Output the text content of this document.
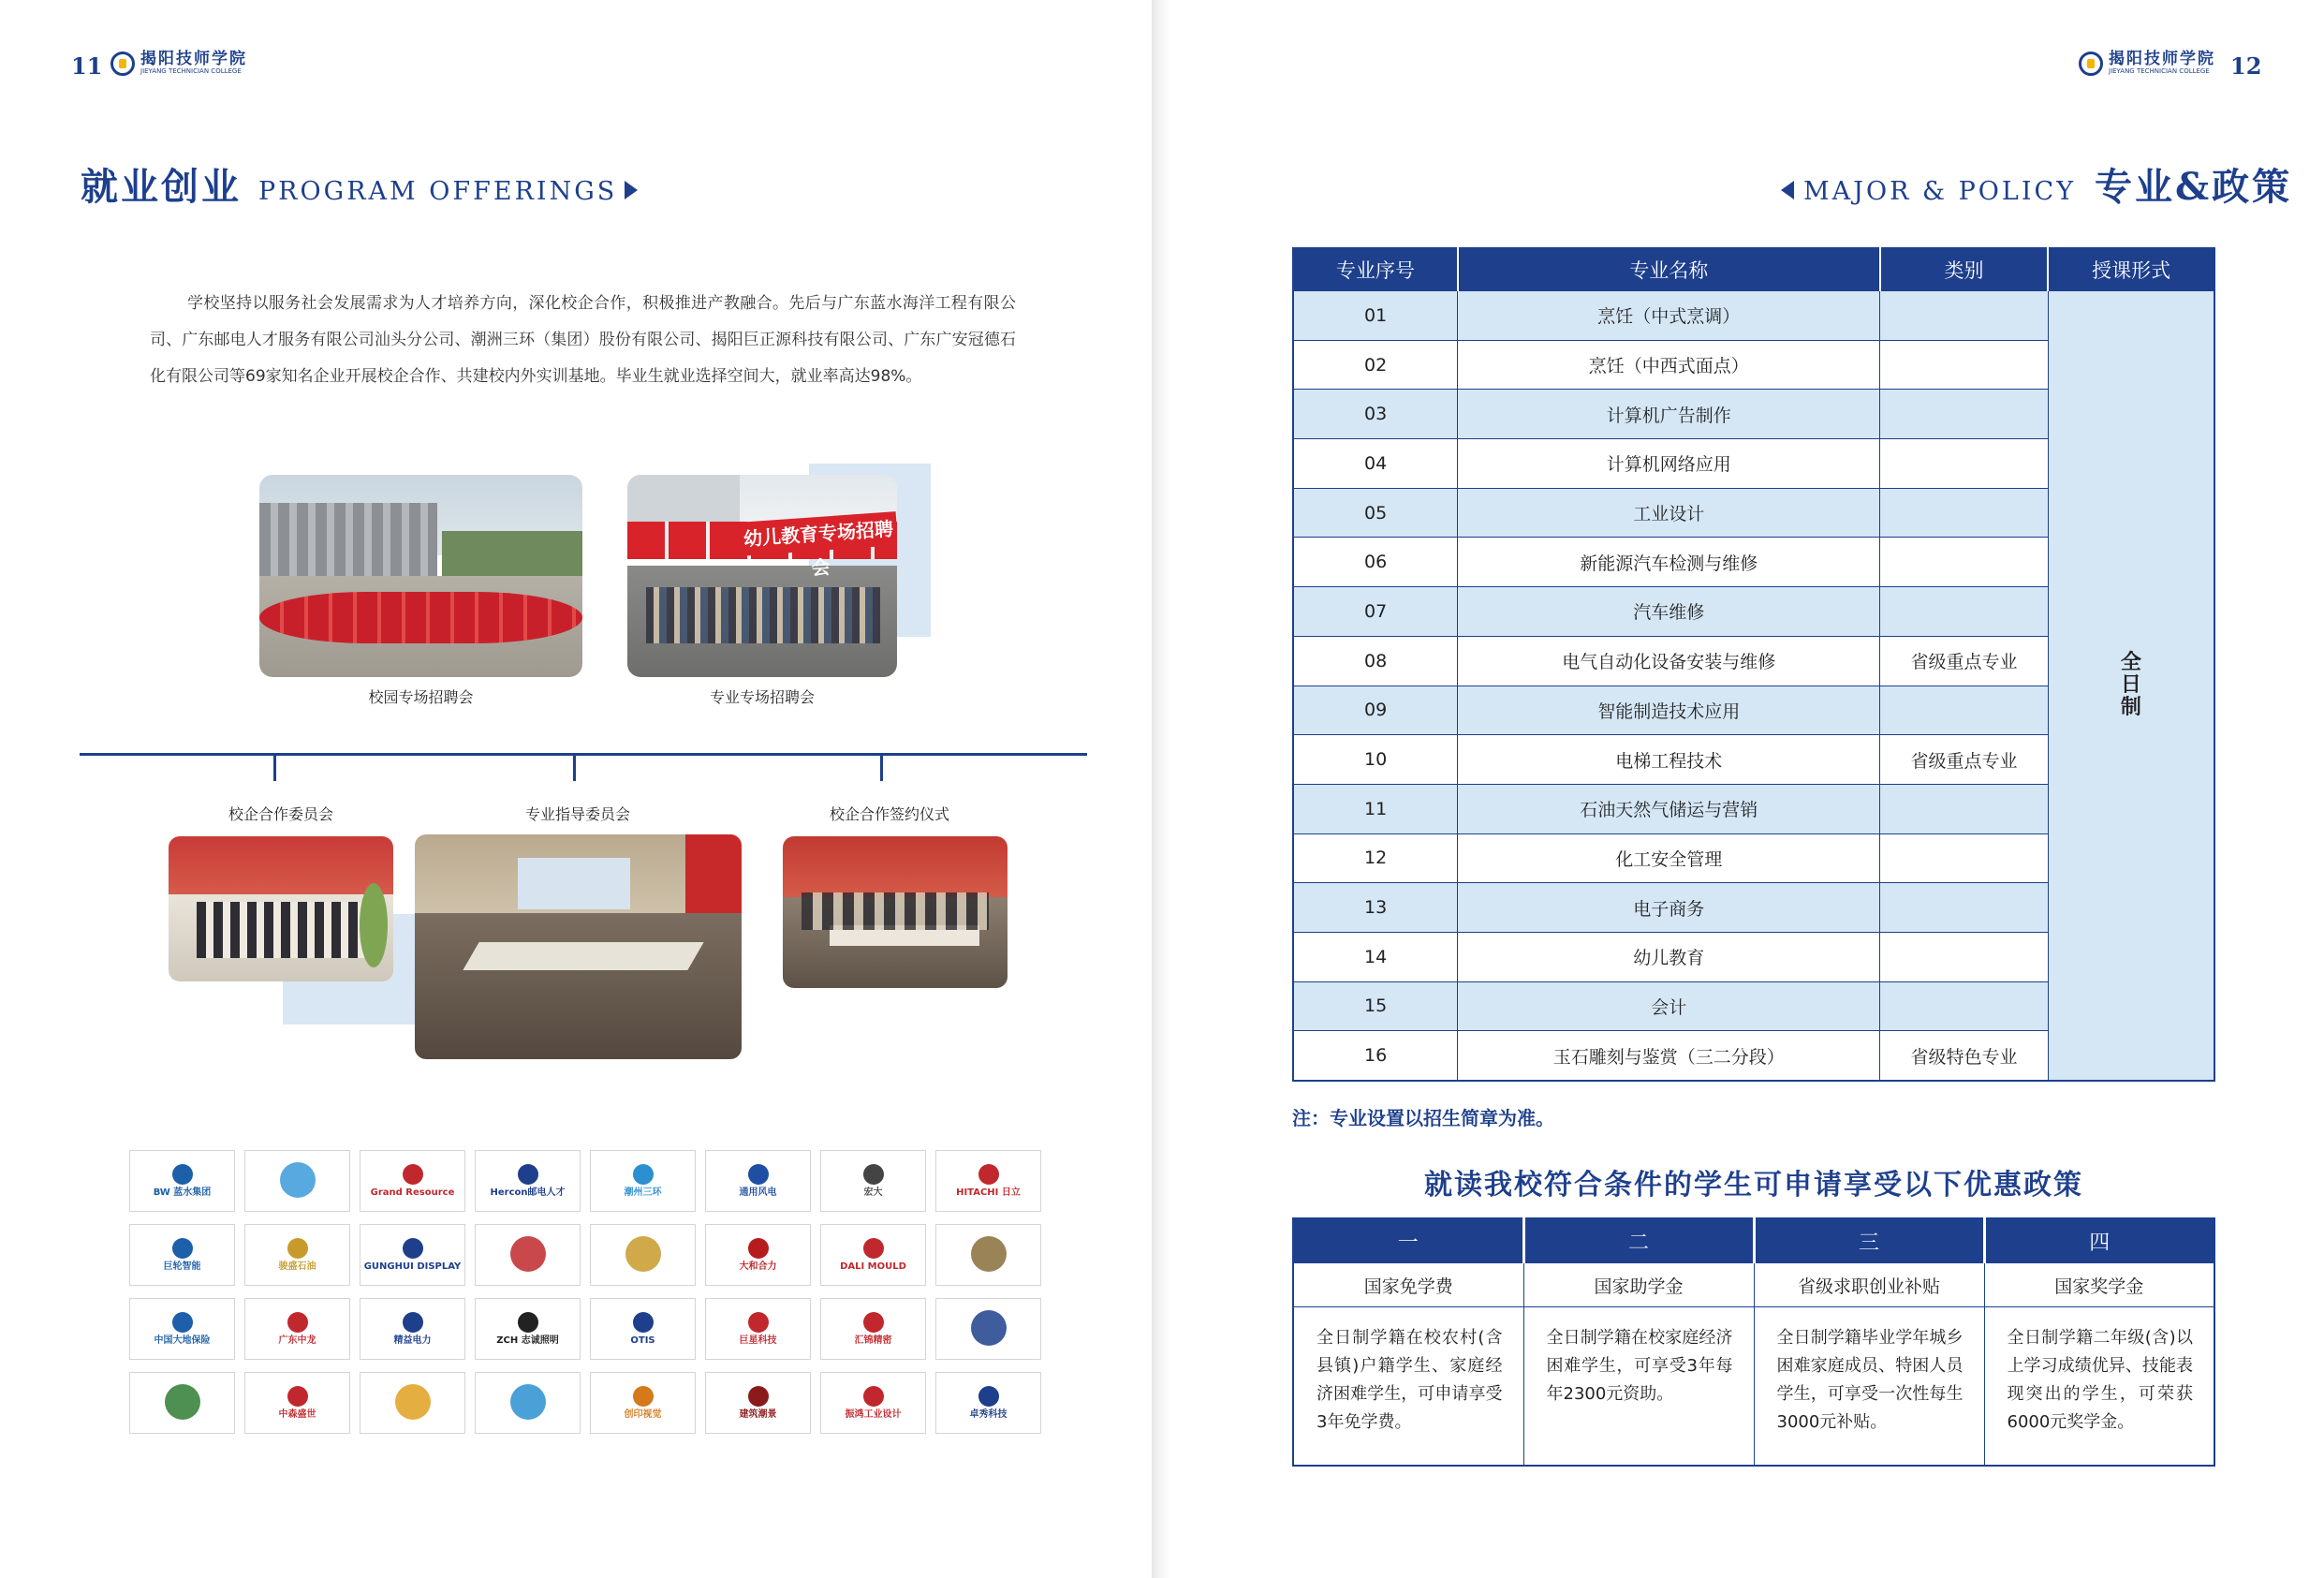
11 揭阳技师学院
JIEYANG TECHNICIAN COLLEGE
就业创业 PROGRAM OFFERINGS
学校坚持以服务社会发展需求为人才培养方向，深化校企合作，积极推进产教融合。先后与广东蓝水海洋工程有限公司、广东邮电人才服务有限公司汕头分公司、潮洲三环（集团）股份有限公司、揭阳巨正源科技有限公司、广东广安冠德石化有限公司等69家知名企业开展校企合作、共建校内外实训基地。毕业生就业选择空间大，就业率高达98%。
幼儿教育专场招聘会
校园专场招聘会	专业专场招聘会
校企合作委员会	专业指导委员会	校企合作签约仪式
BW 蓝水集团	Grand Resource	Hercon邮电人才	潮州三环	通用风电	宏大	HITACHI 日立
巨轮智能	骏盛石油	GUNGHUI DISPLAY	大和合力	DALI MOULD
中国大地保险	广东中龙	精益电力	ZCH 志诚照明	OTIS	巨星科技	汇锦精密
中森盛世	创印视觉	建筑潮景	振鸿工业设计	卓秀科技
揭阳技师学院
JIEYANG TECHNICIAN COLLEGE 12
MAJOR & POLICY 专业&政策
专业序号	专业名称	类别	授课形式
01	烹饪（中式烹调）		全日制
02	烹饪（中西式面点）		
03	计算机广告制作		
04	计算机网络应用		
05	工业设计		
06	新能源汽车检测与维修		
07	汽车维修		
08	电气自动化设备安装与维修	省级重点专业	
09	智能制造技术应用		
10	电梯工程技术	省级重点专业	
11	石油天然气储运与营销		
12	化工安全管理		
13	电子商务		
14	幼儿教育		
15	会计		
16	玉石雕刻与鉴赏（三二分段）	省级特色专业	
注：专业设置以招生简章为准。
就读我校符合条件的学生可申请享受以下优惠政策
一	二	三	四
国家免学费	国家助学金	省级求职创业补贴	国家奖学金
全日制学籍在校农村(含县镇)户籍学生、家庭经济困难学生，可申请享受3年免学费。	全日制学籍在校家庭经济困难学生，可享受3年每年2300元资助。	全日制学籍毕业学年城乡困难家庭成员、特困人员学生，可享受一次性每生3000元补贴。	全日制学籍二年级(含)以上学习成绩优异、技能表现突出的学生，可荣获6000元奖学金。
